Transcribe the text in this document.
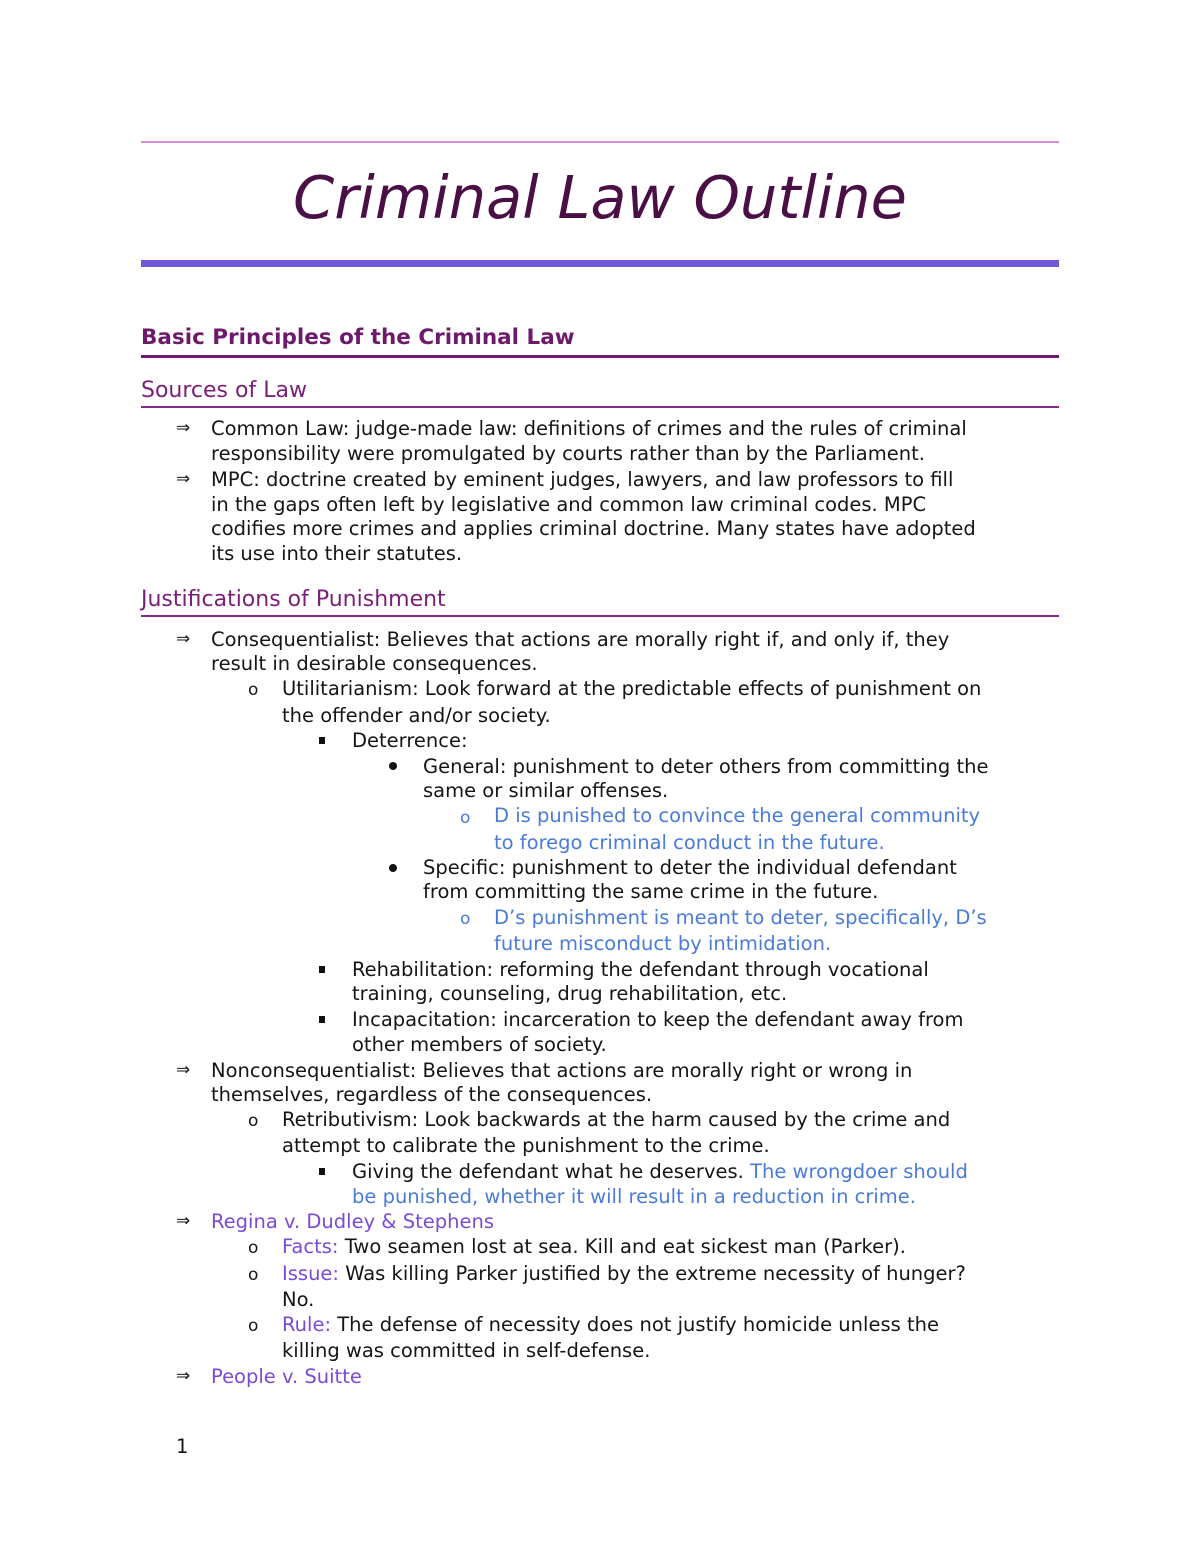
Criminal Law Outline
Basic Principles of the Criminal Law
Sources of Law
⇒ Common Law: judge-made law: definitions of crimes and the rules of criminal
responsibility were promulgated by courts rather than by the Parliament.
⇒ MPC: doctrine created by eminent judges, lawyers, and law professors to fill
in the gaps often left by legislative and common law criminal codes. MPC
codifies more crimes and applies criminal doctrine. Many states have adopted
its use into their statutes.
Justifications of Punishment
⇒ Consequentialist: Believes that actions are morally right if, and only if, they
result in desirable consequences.
o Utilitarianism: Look forward at the predictable effects of punishment on
the offender and/or society.
Deterrence:
General: punishment to deter others from committing the
same or similar offenses.
o D is punished to convince the general community
to forego criminal conduct in the future.
Specific: punishment to deter the individual defendant
from committing the same crime in the future.
o D’s punishment is meant to deter, specifically, D’s
future misconduct by intimidation.
Rehabilitation: reforming the defendant through vocational
training, counseling, drug rehabilitation, etc.
Incapacitation: incarceration to keep the defendant away from
other members of society.
⇒ Nonconsequentialist: Believes that actions are morally right or wrong in
themselves, regardless of the consequences.
o Retributivism: Look backwards at the harm caused by the crime and
attempt to calibrate the punishment to the crime.
Giving the defendant what he deserves. The wrongdoer should
be punished, whether it will result in a reduction in crime.
⇒ Regina v. Dudley & Stephens
o Facts: Two seamen lost at sea. Kill and eat sickest man (Parker).
o Issue: Was killing Parker justified by the extreme necessity of hunger?
No.
o Rule: The defense of necessity does not justify homicide unless the
killing was committed in self-defense.
⇒ People v. Suitte
1
